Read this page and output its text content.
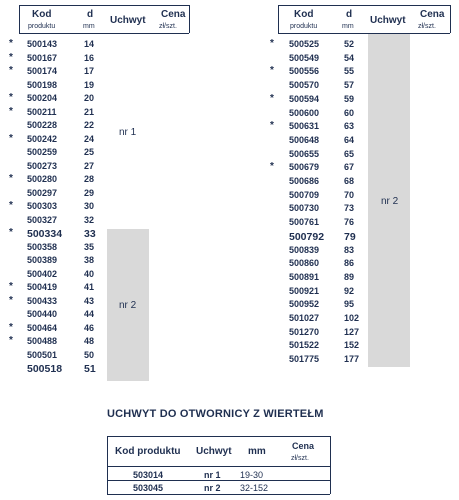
Kod
produktu
d
mm
Uchwyt
Cena
zł/szt.
nr 1
nr 2
* 500143	14
* 500167	16
* 500174	17
500198	19
* 500204	20
* 500211	21
500228	22
* 500242	24
500259	25
500273	27
* 500280	28
500297	29
* 500303	30
500327	32
* 500334 33
500358	35
500389	38
500402	40
* 500419	41
* 500433	43
500440	44
* 500464	46
* 500488	48
500501	50
500518 51
Kod
produktu
d
mm
Uchwyt
Cena
zł/szt.
nr 2
* 500525	52
500549	54
* 500556	55
500570	57
* 500594	59
500600	60
* 500631	63
500648	64
500655	65
* 500679	67
500686	68
500709	70
500730	73
500761	76
500792 79
500839	83
500860	86
500891	89
500921	92
500952	95
501027	102
501270	127
501522	152
501775	177
UCHWYT DO OTWORNICY Z WIERTEŁM
Kod produktu Uchwyt mm	Cena
zł/szt.
503014	nr 1 19-30
503045	nr 2 32-152
